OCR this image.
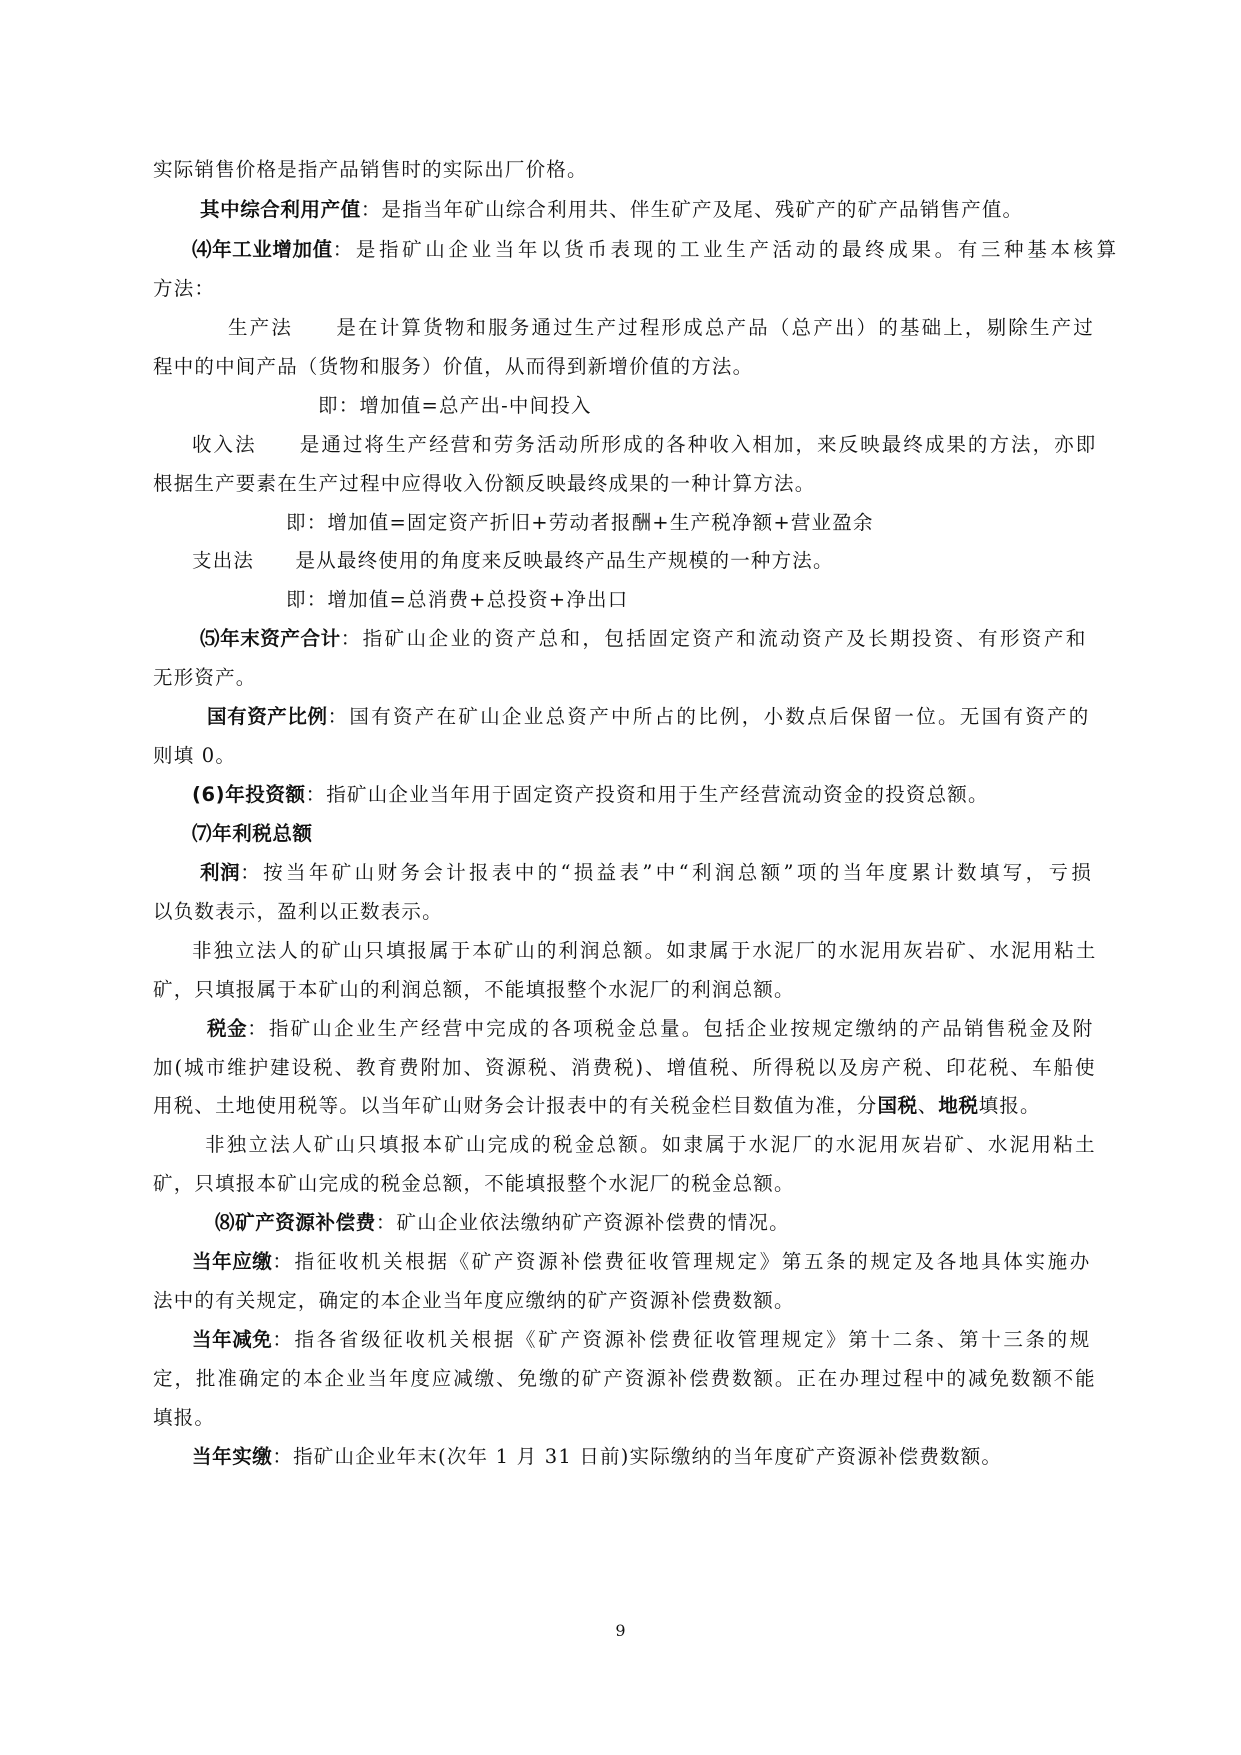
实际销售价格是指产品销售时的实际出厂价格。
其中综合利用产值：是指当年矿山综合利用共、伴生矿产及尾、残矿产的矿产品销售产值。
⑷年工业增加值：是指矿山企业当年以货币表现的工业生产活动的最终成果。有三种基本核算
方法：
生产法　　是在计算货物和服务通过生产过程形成总产品（总产出）的基础上，剔除生产过
程中的中间产品（货物和服务）价值，从而得到新增价值的方法。
即：增加值=总产出-中间投入
收入法　　是通过将生产经营和劳务活动所形成的各种收入相加，来反映最终成果的方法，亦即
根据生产要素在生产过程中应得收入份额反映最终成果的一种计算方法。
即：增加值=固定资产折旧+劳动者报酬+生产税净额+营业盈余
支出法　　是从最终使用的角度来反映最终产品生产规模的一种方法。
即：增加值=总消费+总投资+净出口
⑸年末资产合计：指矿山企业的资产总和，包括固定资产和流动资产及长期投资、有形资产和
无形资产。
国有资产比例：国有资产在矿山企业总资产中所占的比例，小数点后保留一位。无国有资产的
则填 0。
(6)年投资额：指矿山企业当年用于固定资产投资和用于生产经营流动资金的投资总额。
⑺年利税总额
利润：按当年矿山财务会计报表中的“损益表”中“利润总额”项的当年度累计数填写，亏损
以负数表示，盈利以正数表示。
非独立法人的矿山只填报属于本矿山的利润总额。如隶属于水泥厂的水泥用灰岩矿、水泥用粘土
矿，只填报属于本矿山的利润总额，不能填报整个水泥厂的利润总额。
税金：指矿山企业生产经营中完成的各项税金总量。包括企业按规定缴纳的产品销售税金及附
加(城市维护建设税、教育费附加、资源税、消费税)、增值税、所得税以及房产税、印花税、车船使
用税、土地使用税等。以当年矿山财务会计报表中的有关税金栏目数值为准，分国税、地税填报。
非独立法人矿山只填报本矿山完成的税金总额。如隶属于水泥厂的水泥用灰岩矿、水泥用粘土
矿，只填报本矿山完成的税金总额，不能填报整个水泥厂的税金总额。
⑻矿产资源补偿费：矿山企业依法缴纳矿产资源补偿费的情况。
当年应缴：指征收机关根据《矿产资源补偿费征收管理规定》第五条的规定及各地具体实施办
法中的有关规定，确定的本企业当年度应缴纳的矿产资源补偿费数额。
当年减免：指各省级征收机关根据《矿产资源补偿费征收管理规定》第十二条、第十三条的规
定，批准确定的本企业当年度应减缴、免缴的矿产资源补偿费数额。正在办理过程中的减免数额不能
填报。
当年实缴：指矿山企业年末(次年 1 月 31 日前)实际缴纳的当年度矿产资源补偿费数额。
9
